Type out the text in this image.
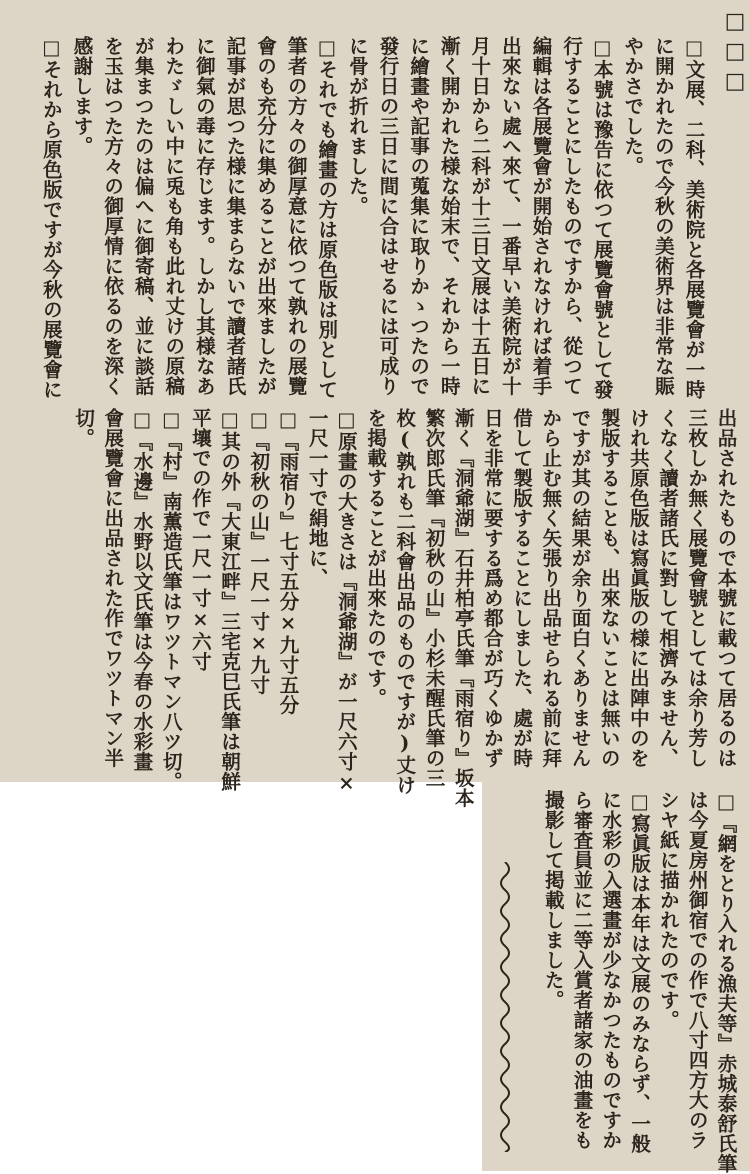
□□□
□文展、二科、美術院と各展覽會が一時
に開かれたので今秋の美術界は非常な賑
やかさでした。
□本號は豫告に依つて展覽會號として發
行することにしたものですから、從つて
編輯は各展覽會が開始されなければ着手
出來ない處へ來て、一番早い美術院が十
月十日から二科が十三日文展は十五日に
漸く開かれた様な始末で、それから一時
に繪畫や記事の蒐集に取りかゝつたので
發行日の三日に間に合はせるには可成り
に骨が折れました。
□それでも繪畫の方は原色版は別として
筆者の方々の御厚意に依つて孰れの展覽
會のも充分に集めることが出來ましたが
記事が思つた様に集まらないで讀者諸氏
に御氣の毒に存じます。しかし其様なあ
わたゞしい中に兎も角も此れ丈けの原稿
が集まつたのは偏へに御寄稿、並に談話
を玉はつた方々の御厚情に依るのを深く
感謝します。
□それから原色版ですが今秋の展覽會に
出品されたもので本號に載つて居るのは
三枚しか無く展覽會號としては余り芳し
くなく讀者諸氏に對して相濟みません、
けれ共原色版は寫眞版の様に出陣中のを
製版することも、出來ないことは無いの
ですが其の結果が余り面白くありません
から止む無く矢張り出品せられる前に拜
借して製版することにしました、處が時
日を非常に要する爲め都合が巧くゆかず
漸く『洞爺湖』石井柏亭氏筆『雨宿り』坂本
繁次郎氏筆『初秋の山』小杉未醒氏筆の三
枚(孰れも二科會出品のものですが)丈け
を掲載することが出來たのです。
□原畫の大きさは『洞爺湖』が一尺六寸×
一尺一寸で絹地に、
□『雨宿り』七寸五分×九寸五分
□『初秋の山』一尺一寸×九寸
□其の外『大東江畔』三宅克巳氏筆は朝鮮
平壤での作で一尺一寸×六寸
□『村』南薫造氏筆はワツトマン八ツ切。
□『水邊』水野以文氏筆は今春の水彩畫
會展覽會に出品された作でワツトマン半
切。
□『網をとり入れる漁夫等』赤城泰舒氏筆
は今夏房州御宿での作で八寸四方大のラ
シヤ紙に描かれたのです。
□寫眞版は本年は文展のみならず、一般
に水彩の入選畫が少なかつたものですか
ら審査員並に二等入賞者諸家の油畫をも
撮影して掲載しました。
